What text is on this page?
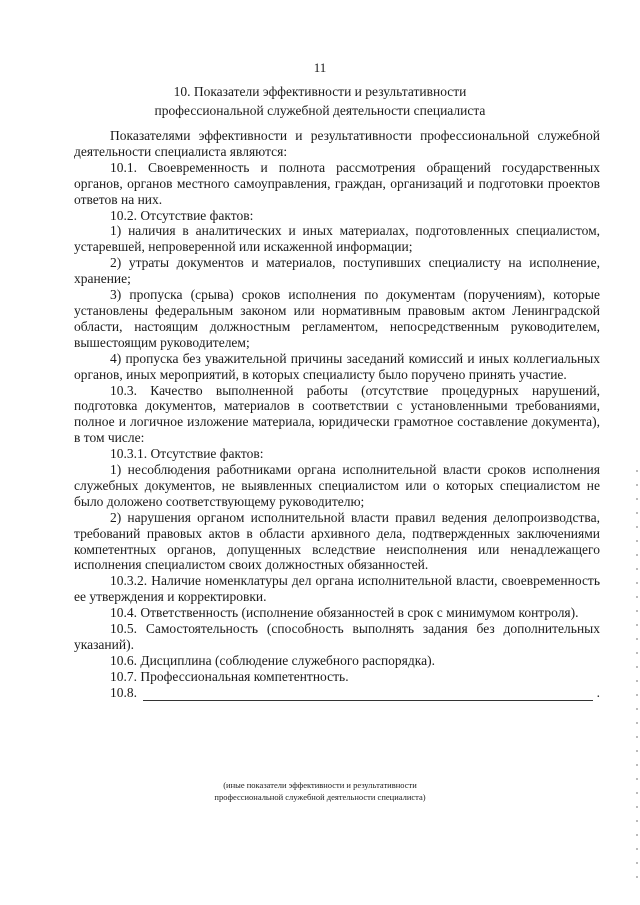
11
10. Показатели эффективности и результативности
профессиональной служебной деятельности специалиста

Показателями эффективности и результативности профессиональной служебной деятельности специалиста являются:

10.1. Своевременность и полнота рассмотрения обращений государственных органов, органов местного самоуправления, граждан, организаций и подготовки проектов ответов на них.

10.2. Отсутствие фактов:

1) наличия в аналитических и иных материалах, подготовленных специалистом, устаревшей, непроверенной или искаженной информации;

2) утраты документов и материалов, поступивших специалисту на исполнение, хранение;

3) пропуска (срыва) сроков исполнения по документам (поручениям), которые установлены федеральным законом или нормативным правовым актом Ленинградской области, настоящим должностным регламентом, непосредственным руководителем, вышестоящим руководителем;

4) пропуска без уважительной причины заседаний комиссий и иных коллегиальных органов, иных мероприятий, в которых специалисту было поручено принять участие.

10.3. Качество выполненной работы (отсутствие процедурных нарушений, подготовка документов, материалов в соответствии с установленными требованиями, полное и логичное изложение материала, юридически грамотное составление документа), в том числе:

10.3.1. Отсутствие фактов:

1) несоблюдения работниками органа исполнительной власти сроков исполнения служебных документов, не выявленных специалистом или о которых специалистом не было доложено соответствующему руководителю;

2) нарушения органом исполнительной власти правил ведения делопроизводства, требований правовых актов в области архивного дела, подтвержденных заключениями компетентных органов, допущенных вследствие неисполнения или ненадлежащего исполнения специалистом своих должностных обязанностей.

10.3.2. Наличие номенклатуры дел органа исполнительной власти, своевременность ее утверждения и корректировки.

10.4. Ответственность (исполнение обязанностей в срок с минимумом контроля).

10.5. Самостоятельность (способность выполнять задания без дополнительных указаний).

10.6. Дисциплина (соблюдение служебного распорядка).

10.7. Профессиональная компетентность.

10.8.	.
(иные показатели эффективности и результативности
профессиональной служебной деятельности специалиста)
